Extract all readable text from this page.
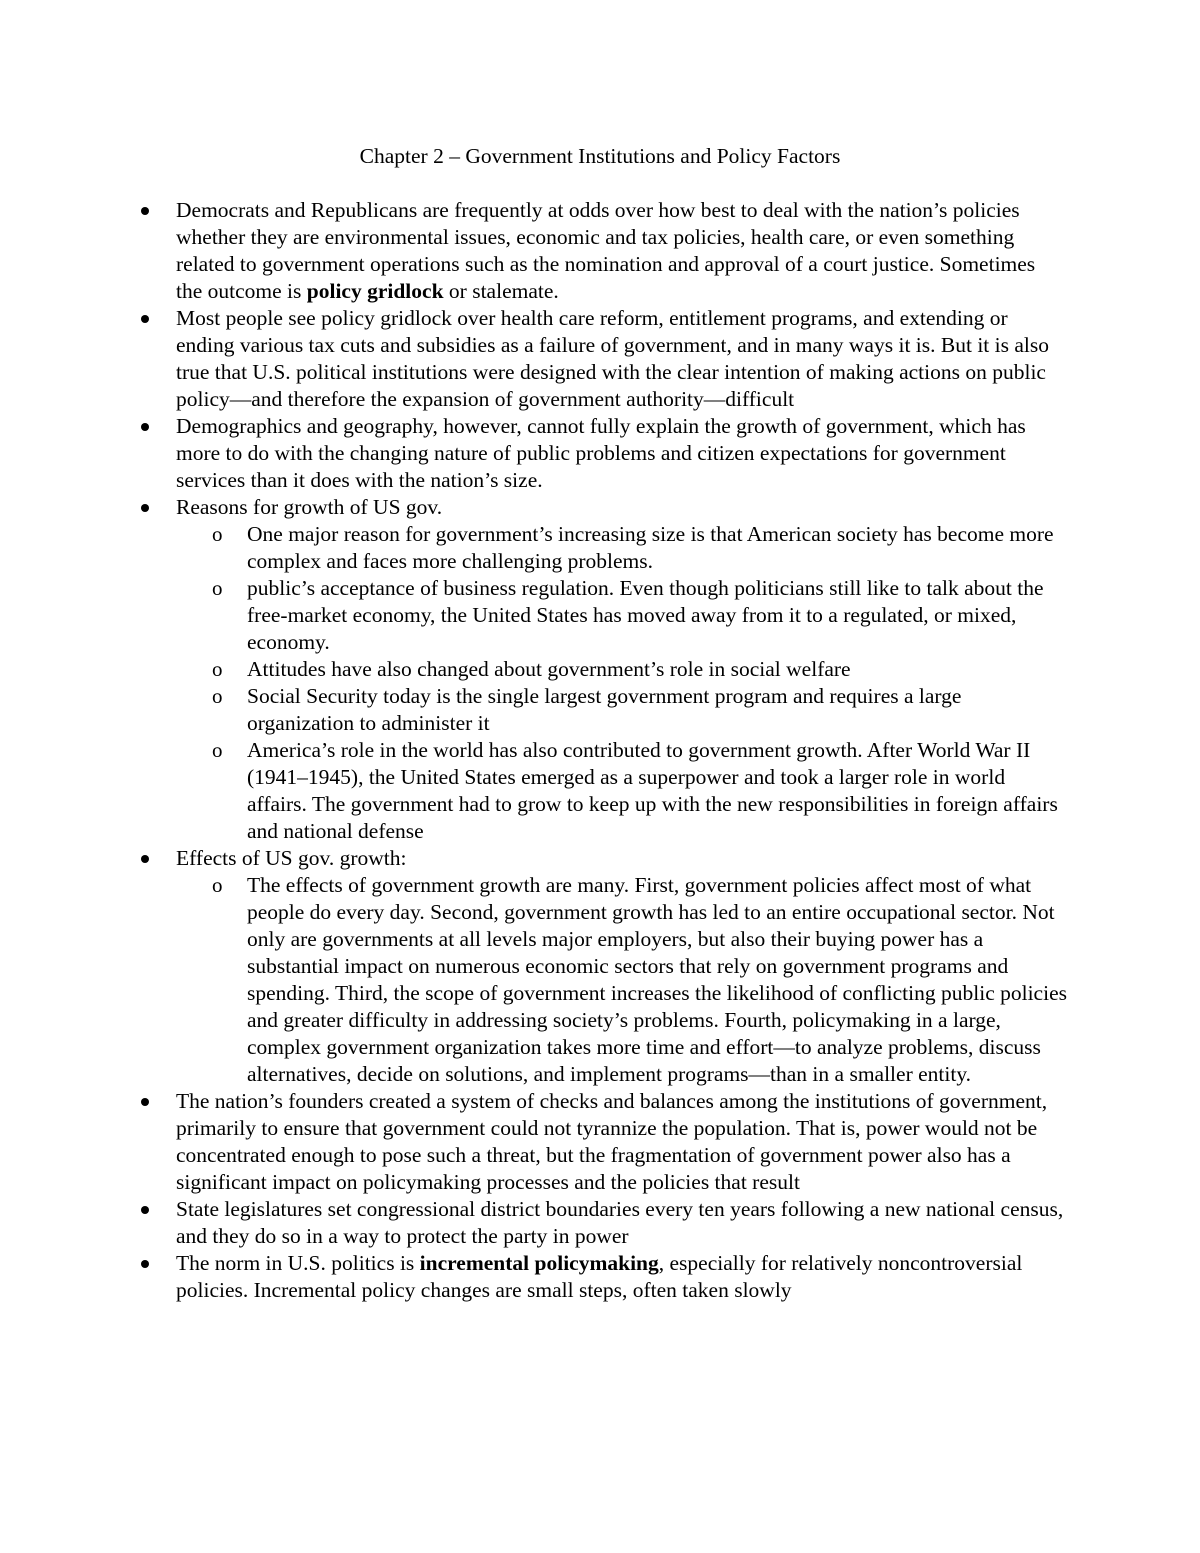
Chapter 2 – Government Institutions and Policy Factors
Democrats and Republicans are frequently at odds over how best to deal with the nation’s policies whether they are environmental issues, economic and tax policies, health care, or even something related to government operations such as the nomination and approval of a court justice. Sometimes the outcome is policy gridlock or stalemate.
Most people see policy gridlock over health care reform, entitlement programs, and extending or ending various tax cuts and subsidies as a failure of government, and in many ways it is. But it is also true that U.S. political institutions were designed with the clear intention of making actions on public policy—and therefore the expansion of government authority—difficult
Demographics and geography, however, cannot fully explain the growth of government, which has more to do with the changing nature of public problems and citizen expectations for government services than it does with the nation’s size.
Reasons for growth of US gov.
o One major reason for government’s increasing size is that American society has become more complex and faces more challenging problems.
o public’s acceptance of business regulation. Even though politicians still like to talk about the free-market economy, the United States has moved away from it to a regulated, or mixed, economy.
o Attitudes have also changed about government’s role in social welfare
o Social Security today is the single largest government program and requires a large organization to administer it
o America’s role in the world has also contributed to government growth. After World War II (1941–1945), the United States emerged as a superpower and took a larger role in world affairs. The government had to grow to keep up with the new responsibilities in foreign affairs and national defense
Effects of US gov. growth:
o The effects of government growth are many. First, government policies affect most of what people do every day. Second, government growth has led to an entire occupational sector. Not only are governments at all levels major employers, but also their buying power has a substantial impact on numerous economic sectors that rely on government programs and spending. Third, the scope of government increases the likelihood of conflicting public policies and greater difficulty in addressing society’s problems. Fourth, policymaking in a large, complex government organization takes more time and effort—to analyze problems, discuss alternatives, decide on solutions, and implement programs—than in a smaller entity.
The nation’s founders created a system of checks and balances among the institutions of government, primarily to ensure that government could not tyrannize the population. That is, power would not be concentrated enough to pose such a threat, but the fragmentation of government power also has a significant impact on policymaking processes and the policies that result
State legislatures set congressional district boundaries every ten years following a new national census, and they do so in a way to protect the party in power
The norm in U.S. politics is incremental policymaking, especially for relatively noncontroversial policies. Incremental policy changes are small steps, often taken slowly
